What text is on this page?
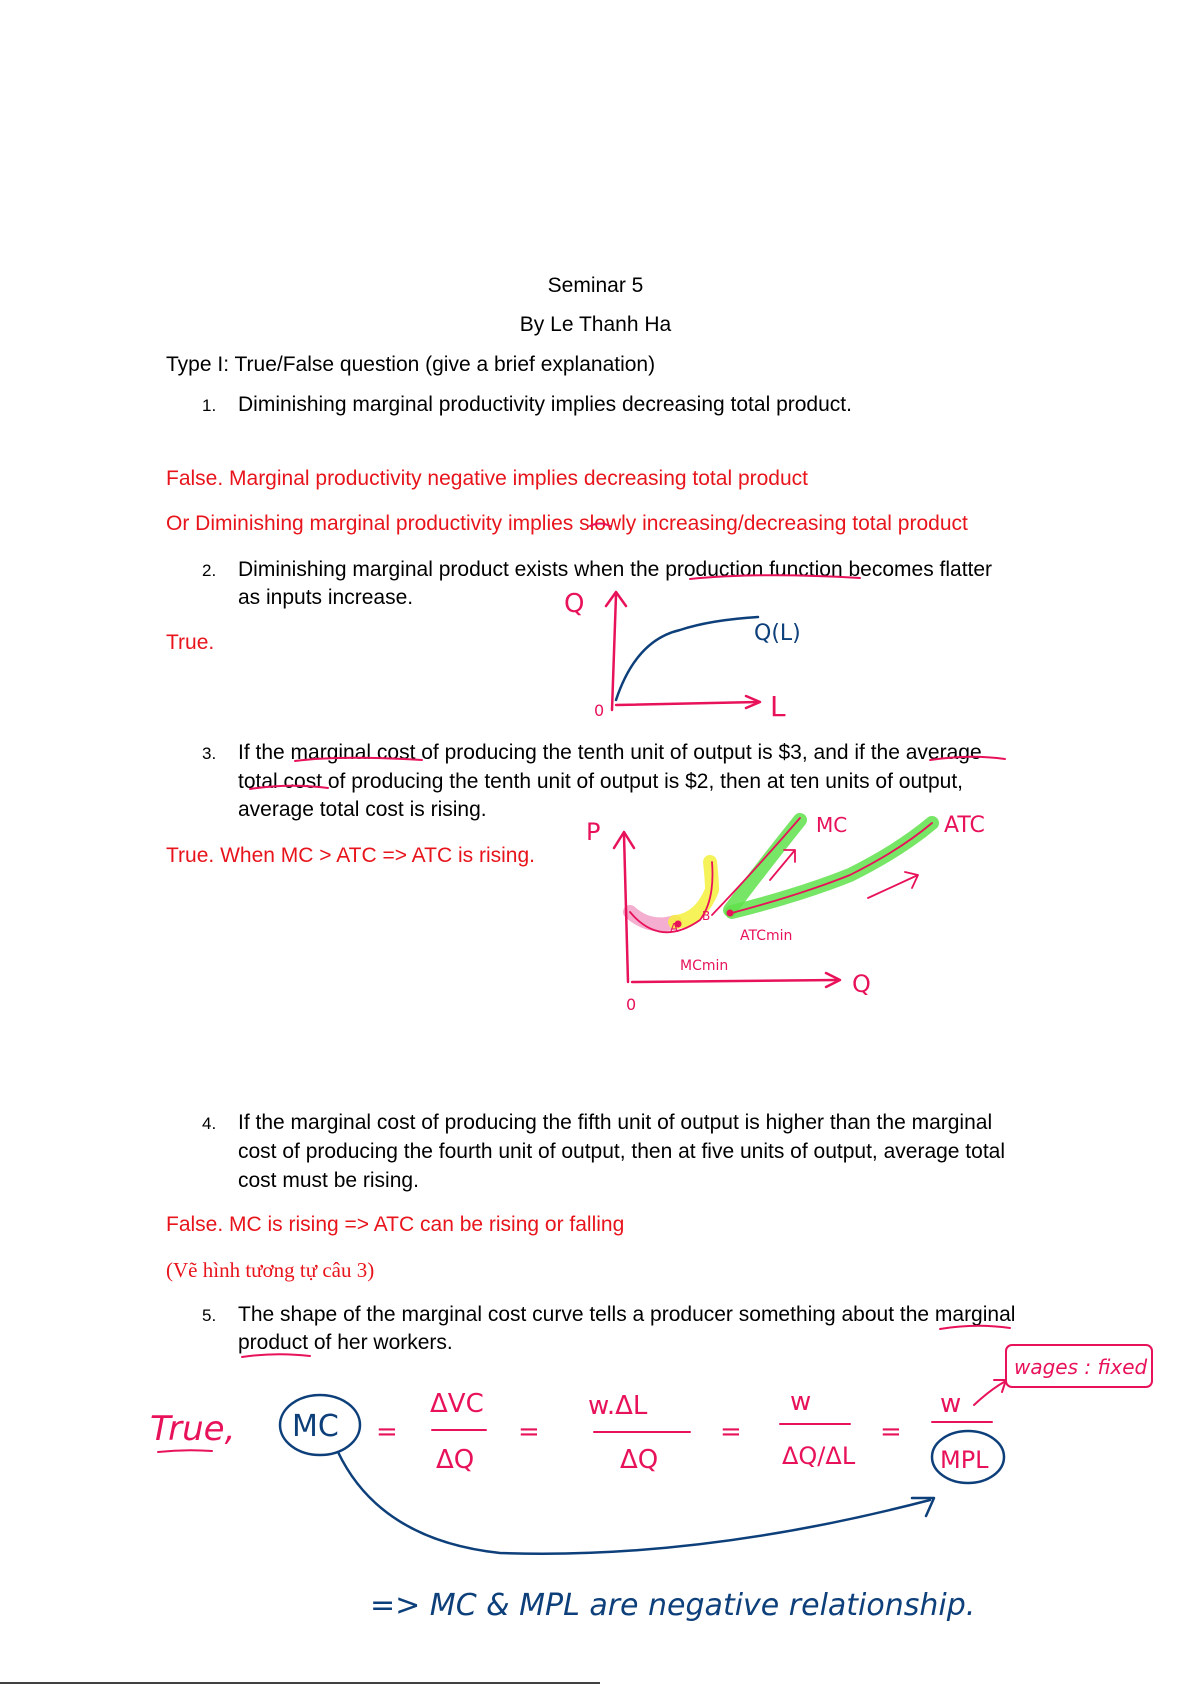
Seminar 5
By Le Thanh Ha
Type I: True/False question (give a brief explanation)
1. Diminishing marginal productivity implies decreasing total product.
False. Marginal productivity negative implies decreasing total product
Or Diminishing marginal productivity implies slowly increasing/decreasing total product
2. Diminishing marginal product exists when the production function becomes flatter
as inputs increase.
True.
3. If the marginal cost of producing the tenth unit of output is $3, and if the average
total cost of producing the tenth unit of output is $2, then at ten units of output,
average total cost is rising.
True. When MC > ATC => ATC is rising.
4. If the marginal cost of producing the fifth unit of output is higher than the marginal
cost of producing the fourth unit of output, then at five units of output, average total
cost must be rising.
False. MC is rising => ATC can be rising or falling
(Vẽ hình tương tự câu 3)
5. The shape of the marginal cost curve tells a producer something about the marginal
product of her workers.
Q
0	L
Q(L)
P
0
Q
MC	ATC
ATCmin
MCmin
A
B
True, MC =
ΔVC
ΔQ
=
w.ΔL
ΔQ
=
w
ΔQ/ΔL
=
w
MPL
wages : fixed
=> MC & MPL are negative relationship.
